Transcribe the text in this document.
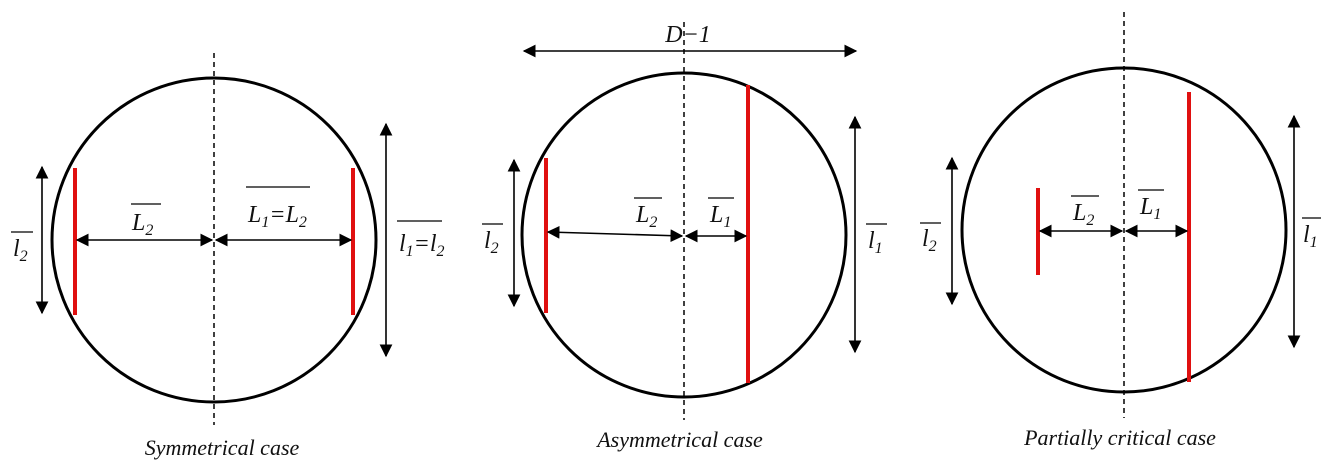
$l_2$
$L_2$
$L_1=L_2$
$l_1=l_2$
Symmetrical case
D−1
$l_2$
$L_2$ $L_1$
$l_1$
Asymmetrical case
$l_2$
$L_2$
$L_1$
$l_1$
Partially critical case
